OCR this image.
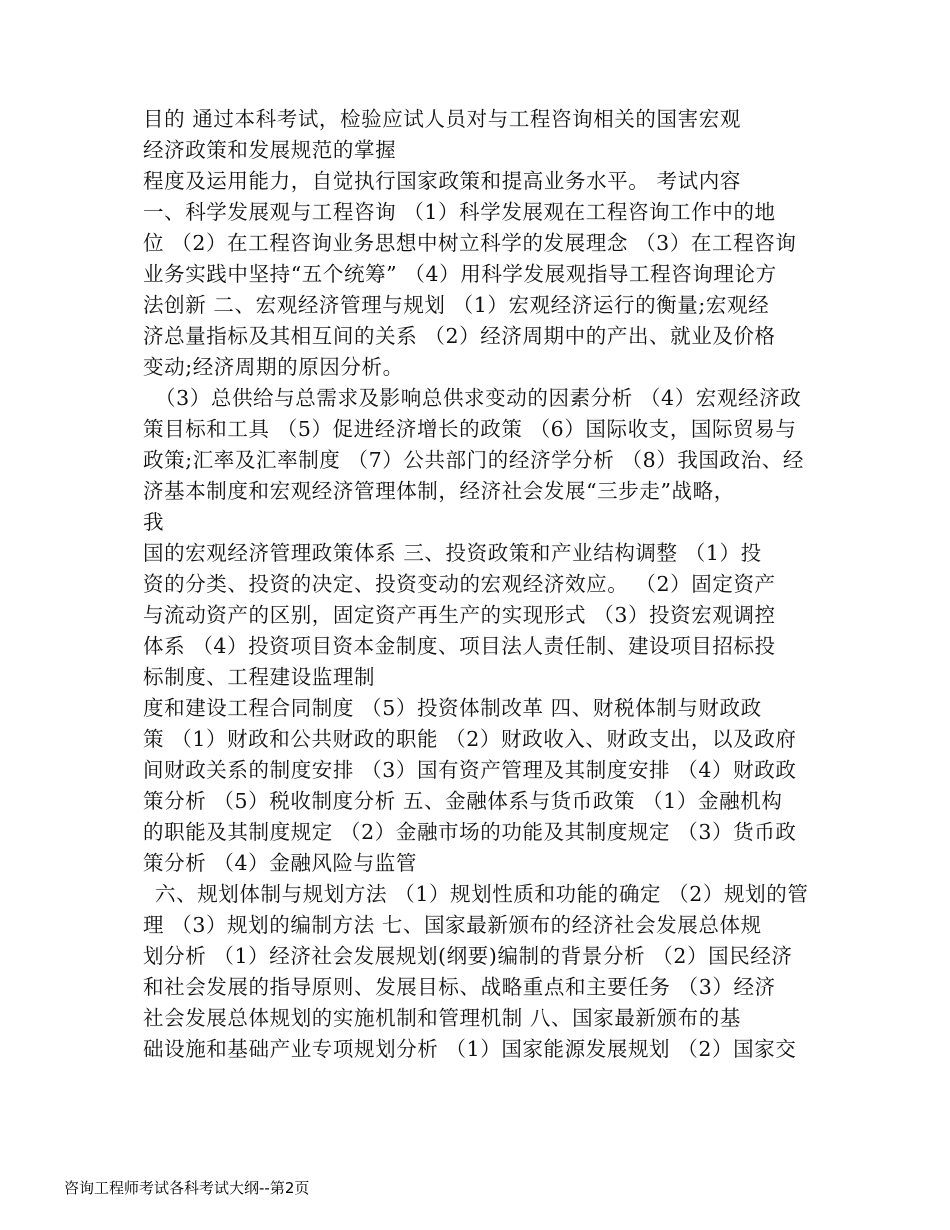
目的 通过本科考试，检验应试人员对与工程咨询相关的国害宏观
经济政策和发展规范的掌握
程度及运用能力，自觉执行国家政策和提高业务水平。 考试内容
一、科学发展观与工程咨询 （1）科学发展观在工程咨询工作中的地
位 （2）在工程咨询业务思想中树立科学的发展理念 （3）在工程咨询
业务实践中坚持“五个统筹” （4）用科学发展观指导工程咨询理论方
法创新 二、宏观经济管理与规划 （1）宏观经济运行的衡量;宏观经
济总量指标及其相互间的关系 （2）经济周期中的产出、就业及价格
变动;经济周期的原因分析。
（3）总供给与总需求及影响总供求变动的因素分析 （4）宏观经济政
策目标和工具 （5）促进经济增长的政策 （6）国际收支，国际贸易与
政策;汇率及汇率制度 （7）公共部门的经济学分析 （8）我国政治、经
济基本制度和宏观经济管理体制，经济社会发展“三步走”战略，
我
国的宏观经济管理政策体系 三、投资政策和产业结构调整 （1）投
资的分类、投资的决定、投资变动的宏观经济效应。 （2）固定资产
与流动资产的区别，固定资产再生产的实现形式 （3）投资宏观调控
体系 （4）投资项目资本金制度、项目法人责任制、建设项目招标投
标制度、工程建设监理制
度和建设工程合同制度 （5）投资体制改革 四、财税体制与财政政
策 （1）财政和公共财政的职能 （2）财政收入、财政支出，以及政府
间财政关系的制度安排 （3）国有资产管理及其制度安排 （4）财政政
策分析 （5）税收制度分析 五、金融体系与货币政策 （1）金融机构
的职能及其制度规定 （2）金融市场的功能及其制度规定 （3）货币政
策分析 （4）金融风险与监管
六、规划体制与规划方法 （1）规划性质和功能的确定 （2）规划的管
理 （3）规划的编制方法 七、国家最新颁布的经济社会发展总体规
划分析 （1）经济社会发展规划(纲要)编制的背景分析 （2）国民经济
和社会发展的指导原则、发展目标、战略重点和主要任务 （3）经济
社会发展总体规划的实施机制和管理机制 八、国家最新颁布的基
础设施和基础产业专项规划分析 （1）国家能源发展规划 （2）国家交
咨询工程师考试各科考试大纲--第2页
